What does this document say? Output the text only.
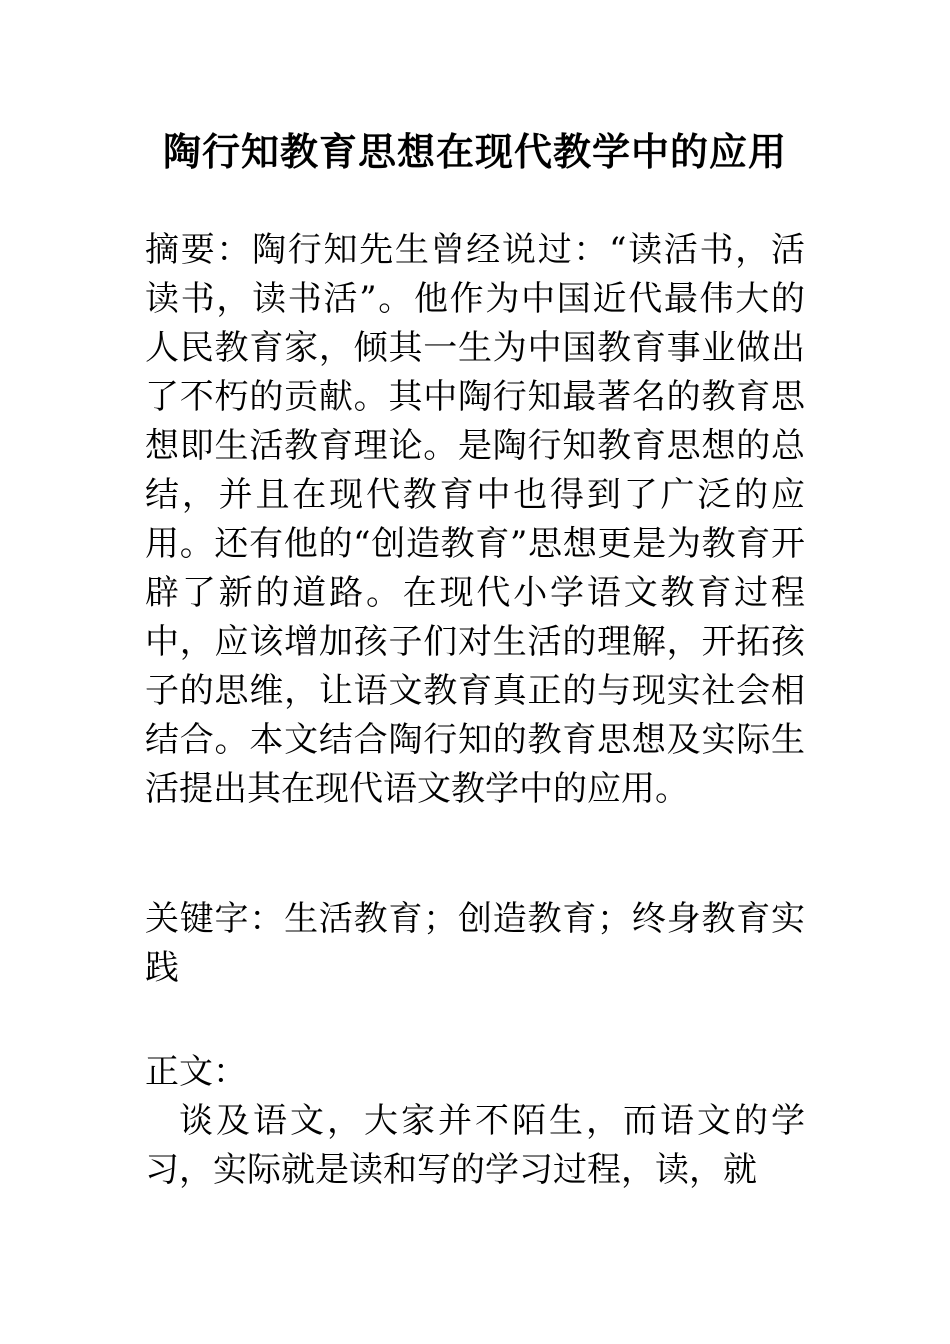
陶行知教育思想在现代教学中的应用

摘要：陶行知先生曾经说过：“读活书，活读书，读书活”。他作为中国近代最伟大的人民教育家，倾其一生为中国教育事业做出了不朽的贡献。其中陶行知最著名的教育思想即生活教育理论。是陶行知教育思想的总结，并且在现代教育中也得到了广泛的应用。还有他的“创造教育”思想更是为教育开辟了新的道路。在现代小学语文教育过程中，应该增加孩子们对生活的理解，开拓孩子的思维，让语文教育真正的与现实社会相结合。本文结合陶行知的教育思想及实际生活提出其在现代语文教学中的应用。

关键字：生活教育；创造教育；终身教育实践

正文：

谈及语文，大家并不陌生，而语文的学习，实际就是读和写的学习过程，读，就
